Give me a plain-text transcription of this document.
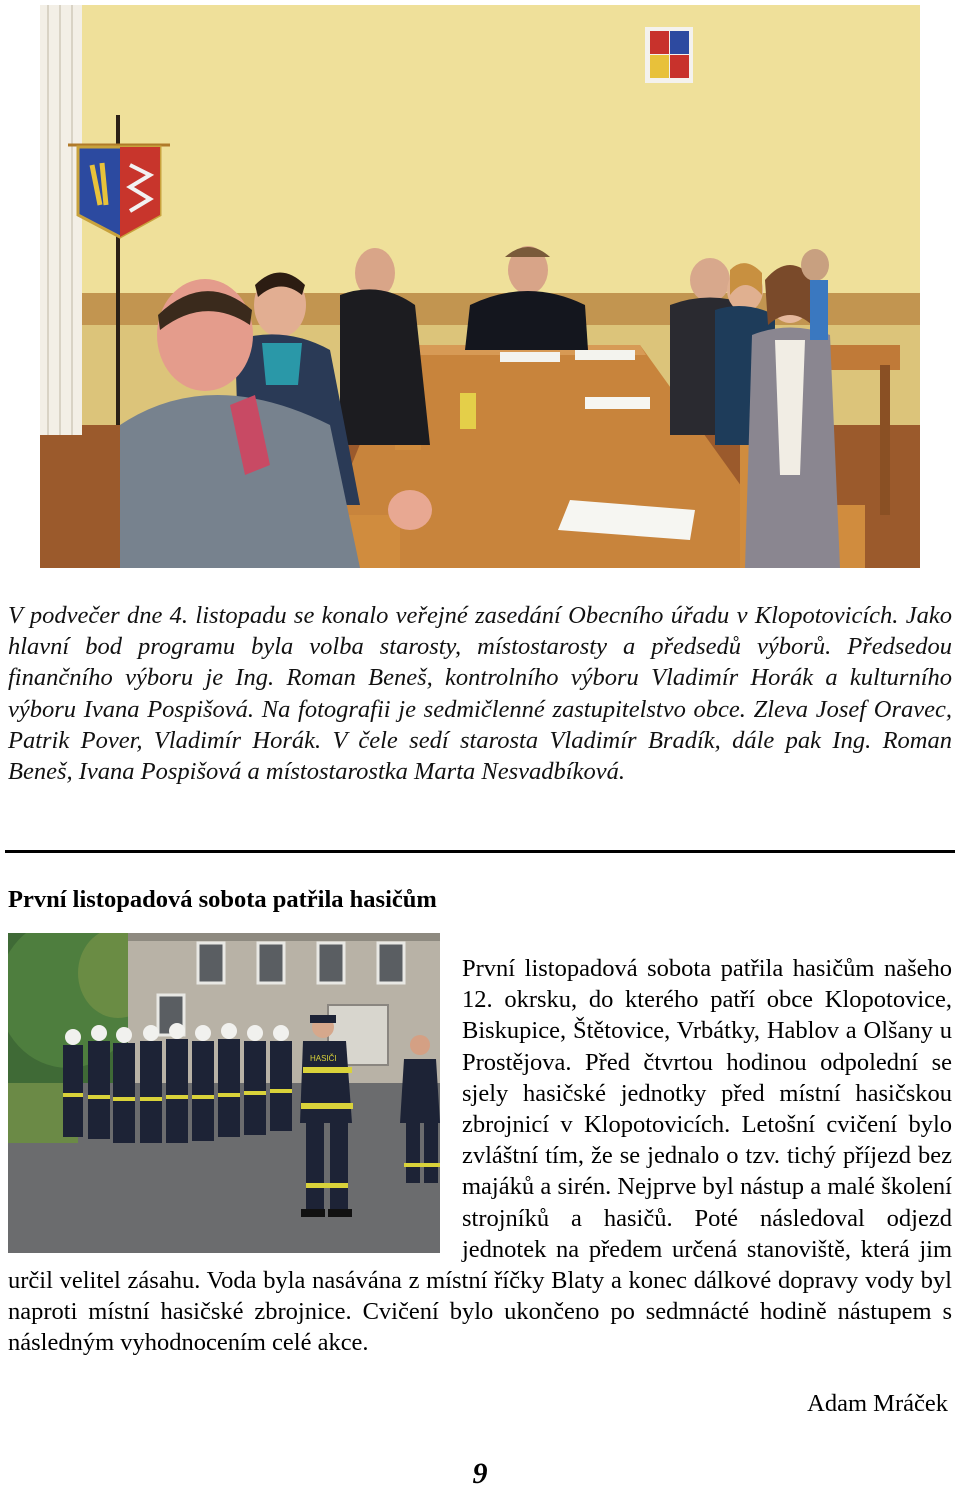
V podvečer dne 4. listopadu se konalo veřejné zasedání Obecního úřadu v Klopotovicích. Jako hlavní bod programu byla volba starosty, místostarosty a předsedů výborů. Předsedou finančního výboru je Ing. Roman Beneš, kontrolního výboru Vladimír Horák a kulturního výboru Ivana Pospišová. Na fotografii je sedmičlenné zastupitelstvo obce. Zleva Josef Oravec, Patrik Pover, Vladimír Horák. V čele sedí starosta Vladimír Bradík, dále pak Ing. Roman Beneš, Ivana Pospišová a místostarostka Marta Nesvadbíková.
První listopadová sobota patřila hasičům
HASIČI
První listopadová sobota patřila hasičům našeho 12. okrsku, do kterého patří obce Klopotovice, Biskupice, Štětovice, Vrbátky, Hablov a Olšany u Prostějova. Před čtvrtou hodinou odpolední se sjely hasičské jednotky před místní hasičskou zbrojnicí v Klopotovicích. Letošní cvičení bylo zvláštní tím, že se jednalo o tzv. tichý příjezd bez majáků a sirén. Nejprve byl nástup a malé školení strojníků a hasičů. Poté následoval odjezd jednotek na předem určená stanoviště, která jim určil velitel zásahu. Voda byla nasávána z místní říčky Blaty a konec dálkové dopravy vody byl naproti místní hasičské zbrojnice. Cvičení bylo ukončeno po sedmnácté hodině nástupem s následným vyhodnocením celé akce.
Adam Mráček
9
